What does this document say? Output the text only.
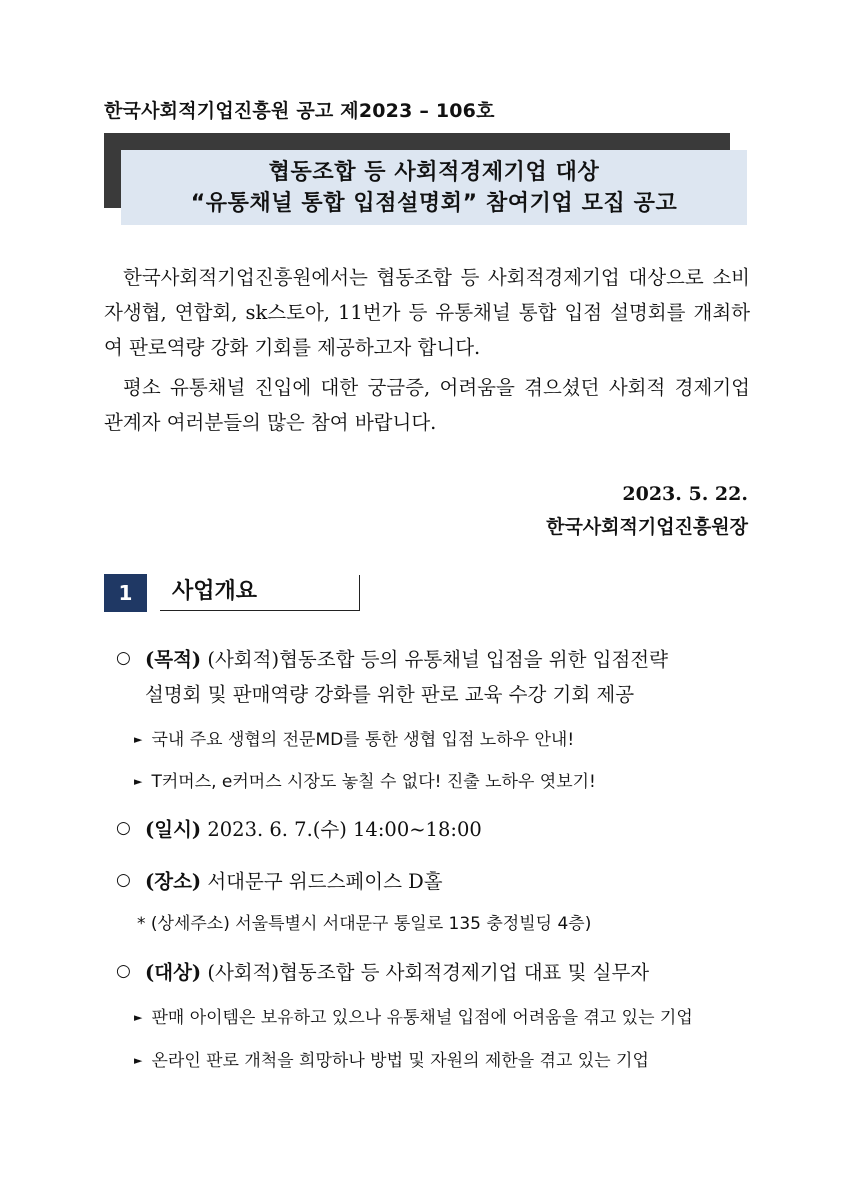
한국사회적기업진흥원 공고 제2023 – 106호
협동조합 등 사회적경제기업 대상
“유통채널 통합 입점설명회” 참여기업 모집 공고

한국사회적기업진흥원에서는 협동조합 등 사회적경제기업 대상으로 소비자생협, 연합회, sk스토아, 11번가 등 유통채널 통합 입점 설명회를 개최하여 판로역량 강화 기회를 제공하고자 합니다.

평소 유통채널 진입에 대한 궁금증, 어려움을 겪으셨던 사회적 경제기업 관계자 여러분들의 많은 참여 바랍니다.

2023. 5. 22.
한국사회적기업진흥원장
1	사업개요
○ (목적) (사회적)협동조합 등의 유통채널 입점을 위한 입점전략
설명회 및 판매역량 강화를 위한 판로 교육 수강 기회 제공
► 국내 주요 생협의 전문MD를 통한 생협 입점 노하우 안내!
► T커머스, e커머스 시장도 놓칠 수 없다! 진출 노하우 엿보기!
○ (일시) 2023. 6. 7.(수) 14:00~18:00
○ (장소) 서대문구 위드스페이스 D홀
* (상세주소) 서울특별시 서대문구 통일로 135 충정빌딩 4층)
○ (대상) (사회적)협동조합 등 사회적경제기업 대표 및 실무자
► 판매 아이템은 보유하고 있으나 유통채널 입점에 어려움을 겪고 있는 기업
► 온라인 판로 개척을 희망하나 방법 및 자원의 제한을 겪고 있는 기업
